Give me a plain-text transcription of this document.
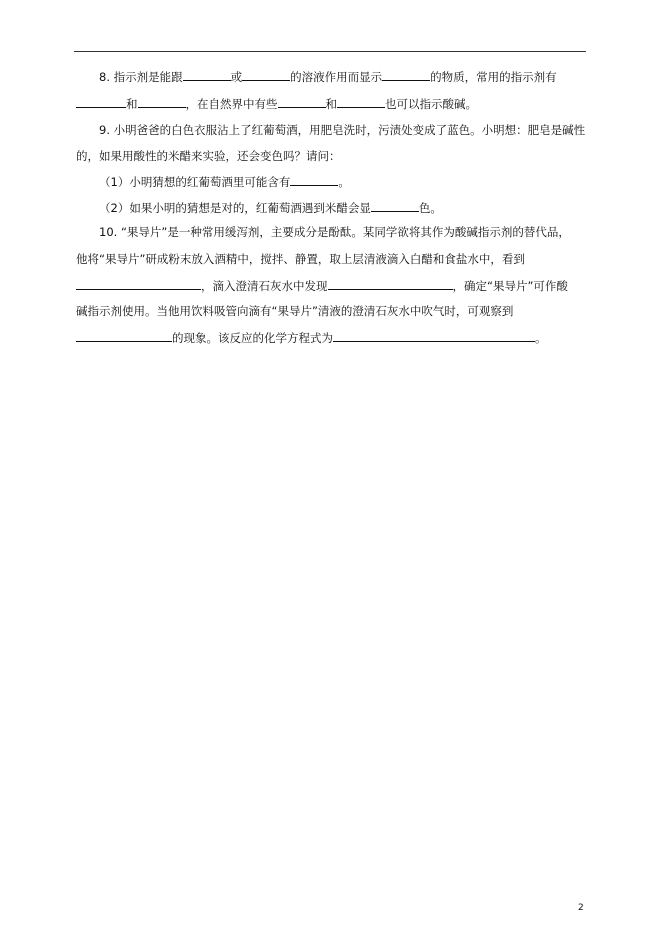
8. 指示剂是能跟	或	的溶液作用而显示	的物质，常用的指示剂有
和	，在自然界中有些	和	也可以指示酸碱。
9. 小明爸爸的白色衣服沾上了红葡萄酒，用肥皂洗时，污渍处变成了蓝色。小明想：肥皂是碱性
的，如果用酸性的米醋来实验，还会变色吗？请问：
（1）小明猜想的红葡萄酒里可能含有	。
（2）如果小明的猜想是对的，红葡萄酒遇到米醋会显	色。
10. “果导片”是一种常用缓泻剂，主要成分是酚酞。某同学欲将其作为酸碱指示剂的替代品，
他将“果导片”研成粉末放入酒精中，搅拌、静置，取上层清液滴入白醋和食盐水中，看到
，滴入澄清石灰水中发现	，确定“果导片”可作酸
碱指示剂使用。当他用饮料吸管向滴有“果导片”清液的澄清石灰水中吹气时，可观察到
的现象。该反应的化学方程式为	。
2
